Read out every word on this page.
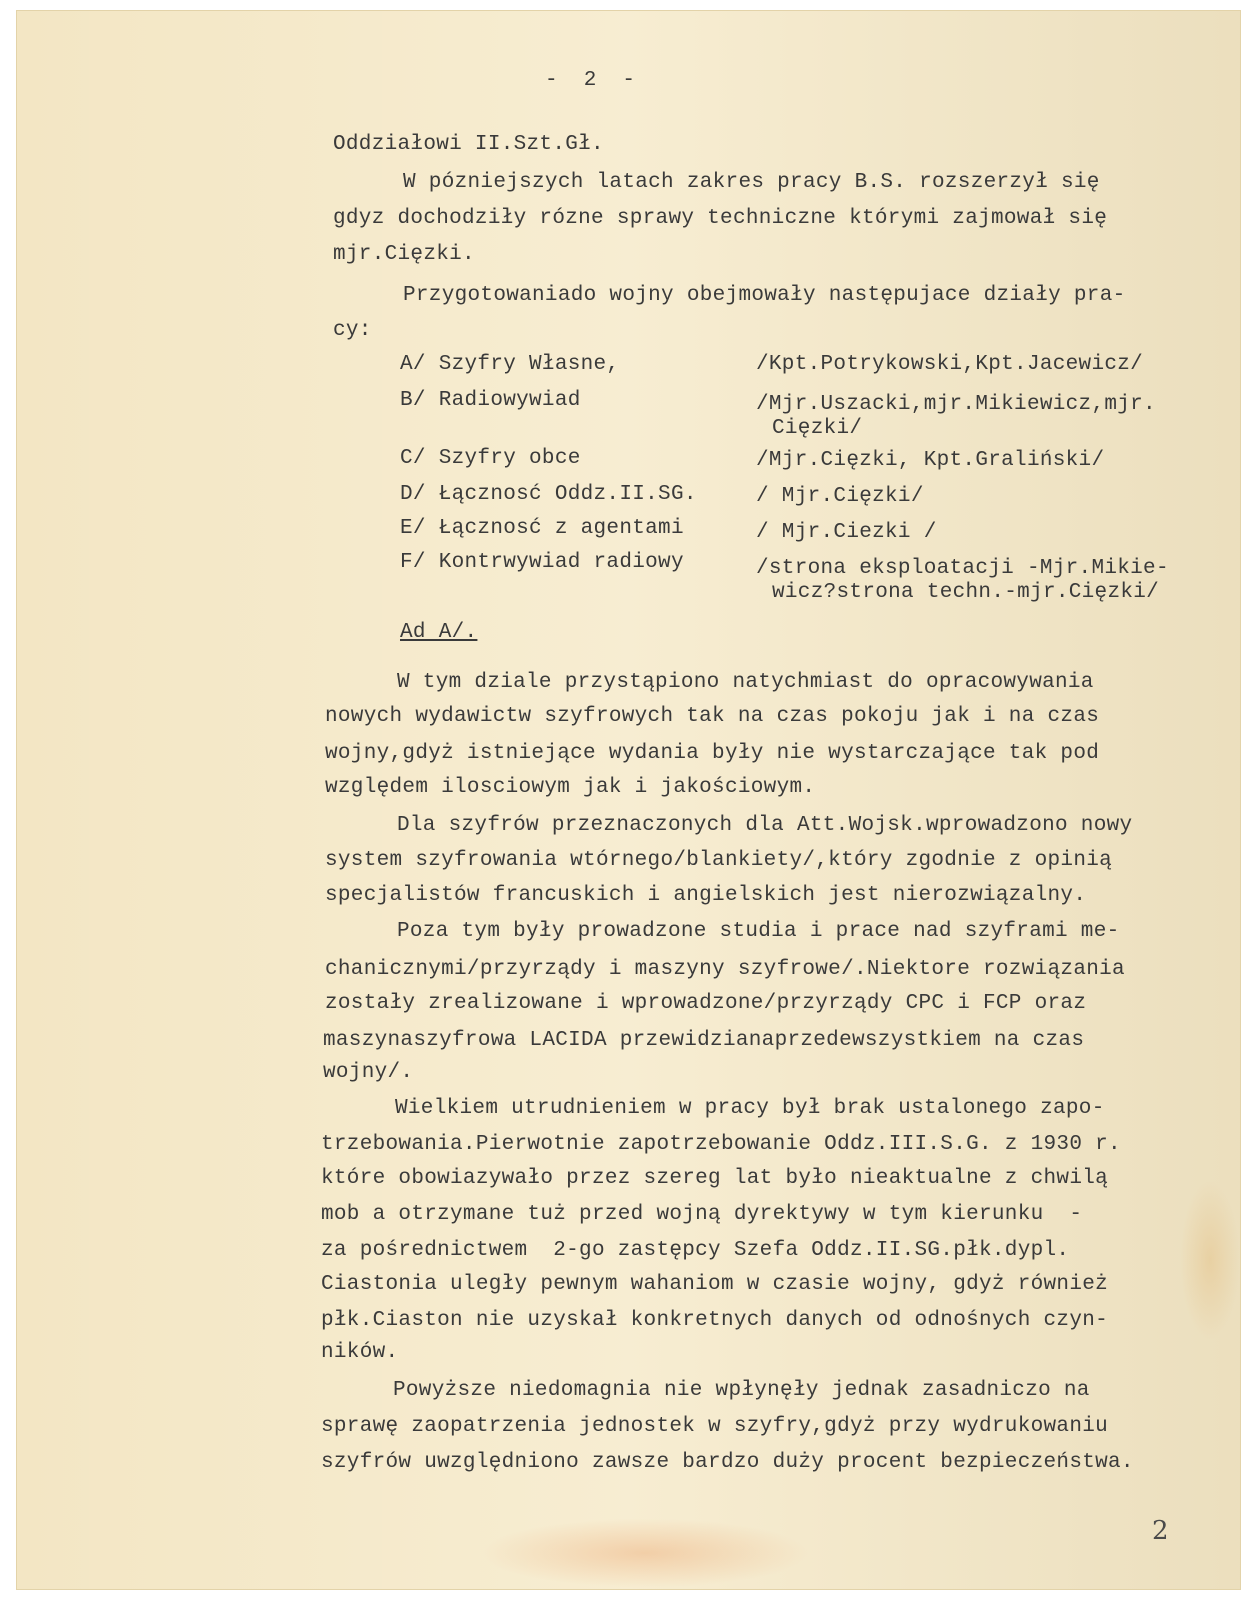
-  2  -
Oddziałowi II.Szt.Gł.
W pózniejszych latach zakres pracy B.S. rozszerzył się
gdyz dochodziły rózne sprawy techniczne którymi zajmował się
mjr.Cięzki.
Przygotowaniado wojny obejmowały następujace działy pra-
cy:
A/ Szyfry Własne,	/Kpt.Potrykowski,Kpt.Jacewicz/
B/ Radiowywiad	/Mjr.Uszacki,mjr.Mikiewicz,mjr.
Cięzki/
C/ Szyfry obce	/Mjr.Cięzki, Kpt.Graliński/
D/ Łącznosć Oddz.II.SG.	/ Mjr.Cięzki/
E/ Łącznosć z agentami	/ Mjr.Ciezki /
F/ Kontrwywiad radiowy	/strona eksploatacji -Mjr.Mikie-
wicz?strona techn.-mjr.Cięzki/
Ad A/.
W tym dziale przystąpiono natychmiast do opracowywania
nowych wydawictw szyfrowych tak na czas pokoju jak i na czas
wojny,gdyż istniejące wydania były nie wystarczające tak pod
względem ilosciowym jak i jakościowym.
Dla szyfrów przeznaczonych dla Att.Wojsk.wprowadzono nowy
system szyfrowania wtórnego/blankiety/,który zgodnie z opinią
specjalistów francuskich i angielskich jest nierozwiązalny.
Poza tym były prowadzone studia i prace nad szyframi me-
chanicznymi/przyrządy i maszyny szyfrowe/.Niektore rozwiązania
zostały zrealizowane i wprowadzone/przyrządy CPC i FCP oraz
maszynaszyfrowa LACIDA przewidzianaprzedewszystkiem na czas
wojny/.
Wielkiem utrudnieniem w pracy był brak ustalonego zapo-
trzebowania.Pierwotnie zapotrzebowanie Oddz.III.S.G. z 1930 r.
które obowiazywało przez szereg lat było nieaktualne z chwilą
mob a otrzymane tuż przed wojną dyrektywy w tym kierunku  -
za pośrednictwem  2-go zastępcy Szefa Oddz.II.SG.płk.dypl.
Ciastonia uległy pewnym wahaniom w czasie wojny, gdyż również
płk.Ciaston nie uzyskał konkretnych danych od odnośnych czyn-
ników.
Powyższe niedomagnia nie wpłynęły jednak zasadniczo na
sprawę zaopatrzenia jednostek w szyfry,gdyż przy wydrukowaniu
szyfrów uwzględniono zawsze bardzo duży procent bezpieczeństwa.
2
